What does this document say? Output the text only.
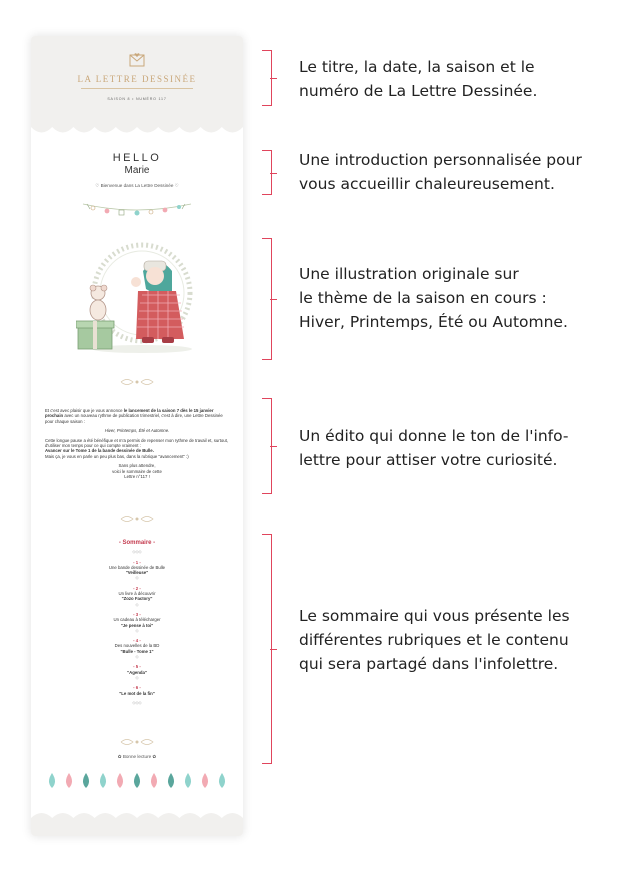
LA LETTRE DESSINÉE
SAISON 8 • NUMÉRO 117
HELLO
Marie
♡ Bienvenue dans La Lettre Dessinée ♡

Et c'est avec plaisir que je vous annonce le lancement de la saison 7 dès le 15 janvier prochain avec un nouveau rythme de publication trimestriel, c'est à dire, une Lettre Dessinée pour chaque saison :

Hiver, Printemps, Été et Automne.

Cette longue pause a été bénéfique et m'a permis de repenser mon rythme de travail et, surtout, d'utiliser mon temps pour ce qui compte vraiment :
Avancer sur le Tome 1 de la bande dessinée de Bulle.
Mais ça, je vous en parle un peu plus bas, dans la rubrique "avancement" :)

Sans plus attendre,
voici le sommaire de cette
Lettre n°117 !

- Sommaire -
◇◇◇
- 1 -
Une bande dessinée de Bulle
"Veilleuse"
◇
- 2 -
Un livre à découvrir
"Zozo Factory"
◇
- 3 -
Un cadeau à télécharger
"Je pense à toi"
◇
- 4 -
Des nouvelles de la BD
"Bulle - Tome 1"
◇
- 5 -
"Agenda"
◇
- 6 -
"Le mot de la fin"
◇◇◇
✿ Bonne lecture ✿
Le titre, la date, la saison et le
numéro de La Lettre Dessinée.
Une introduction personnalisée pour
vous accueillir chaleureusement.
Une illustration originale sur
le thème de la saison en cours :
Hiver, Printemps, Été ou Automne.
Un édito qui donne le ton de l'info-
lettre pour attiser votre curiosité.
Le sommaire qui vous présente les
différentes rubriques et le contenu
qui sera partagé dans l'infolettre.
